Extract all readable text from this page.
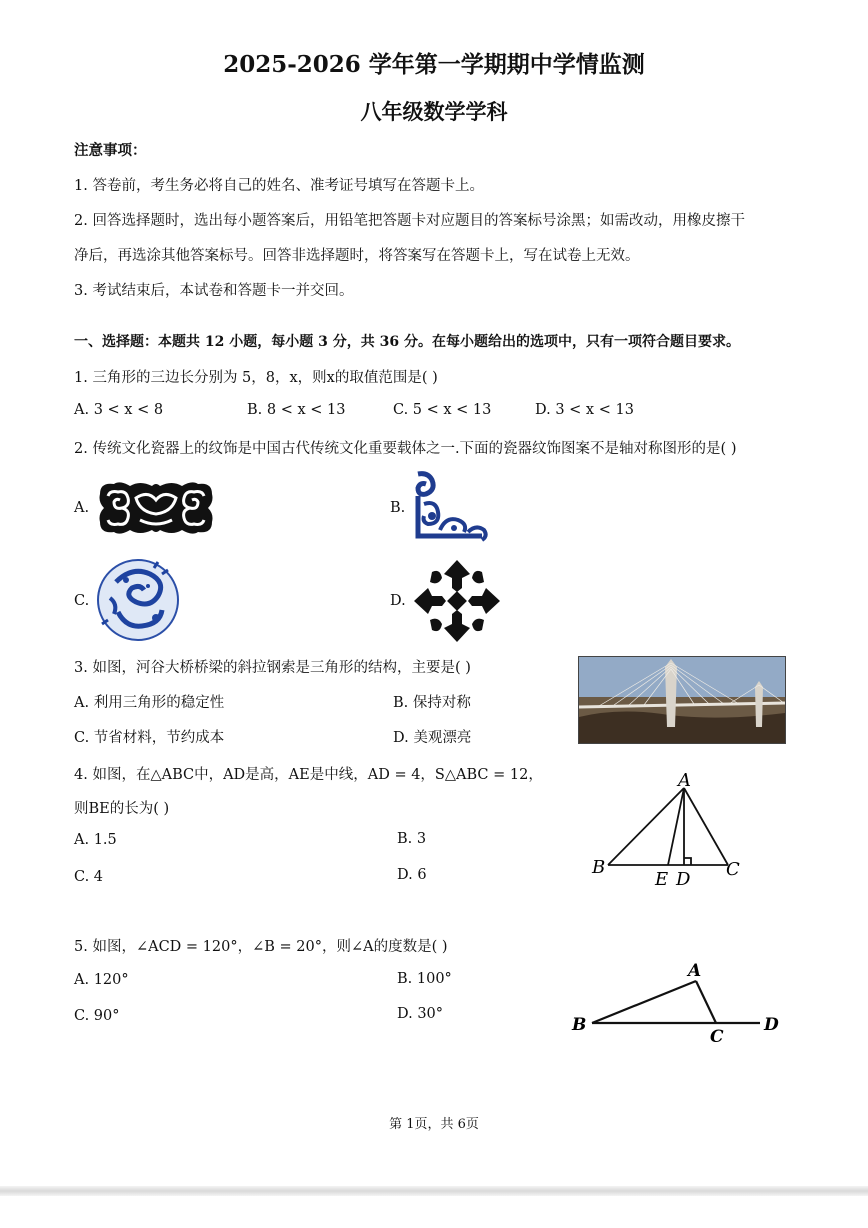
2025-2026 学年第一学期期中学情监测
八年级数学学科
注意事项：
1. 答卷前，考生务必将自己的姓名、准考证号填写在答题卡上。
2. 回答选择题时，选出每小题答案后，用铅笔把答题卡对应题目的答案标号涂黑；如需改动，用橡皮擦干
净后，再选涂其他答案标号。回答非选择题时，将答案写在答题卡上，写在试卷上无效。
3. 考试结束后，本试卷和答题卡一并交回。
一、选择题：本题共 12 小题，每小题 3 分，共 36 分。在每小题给出的选项中，只有一项符合题目要求。
1. 三角形的三边长分别为 5，8，x，则x的取值范围是( )
A. 3 < x < 8	B. 8 < x < 13	C. 5 < x < 13	D. 3 < x < 13
2. 传统文化瓷器上的纹饰是中国古代传统文化重要载体之一.下面的瓷器纹饰图案不是轴对称图形的是( )
A.	B.
C.	D.
3. 如图，河谷大桥桥梁的斜拉钢索是三角形的结构，主要是( )
A. 利用三角形的稳定性	B. 保持对称
C. 节省材料，节约成本	D. 美观漂亮
4. 如图，在△ABC中，AD是高，AE是中线，AD = 4，S△ABC = 12，
则BE的长为( )
A. 1.5	B. 3
C. 4	D. 6
A
B	C
D
E
5. 如图，∠ACD = 120°，∠B = 20°，则∠A的度数是( )
A. 120°	B. 100°
C. 90°	D. 30°
A
B
C
D
第 1页，共 6页
